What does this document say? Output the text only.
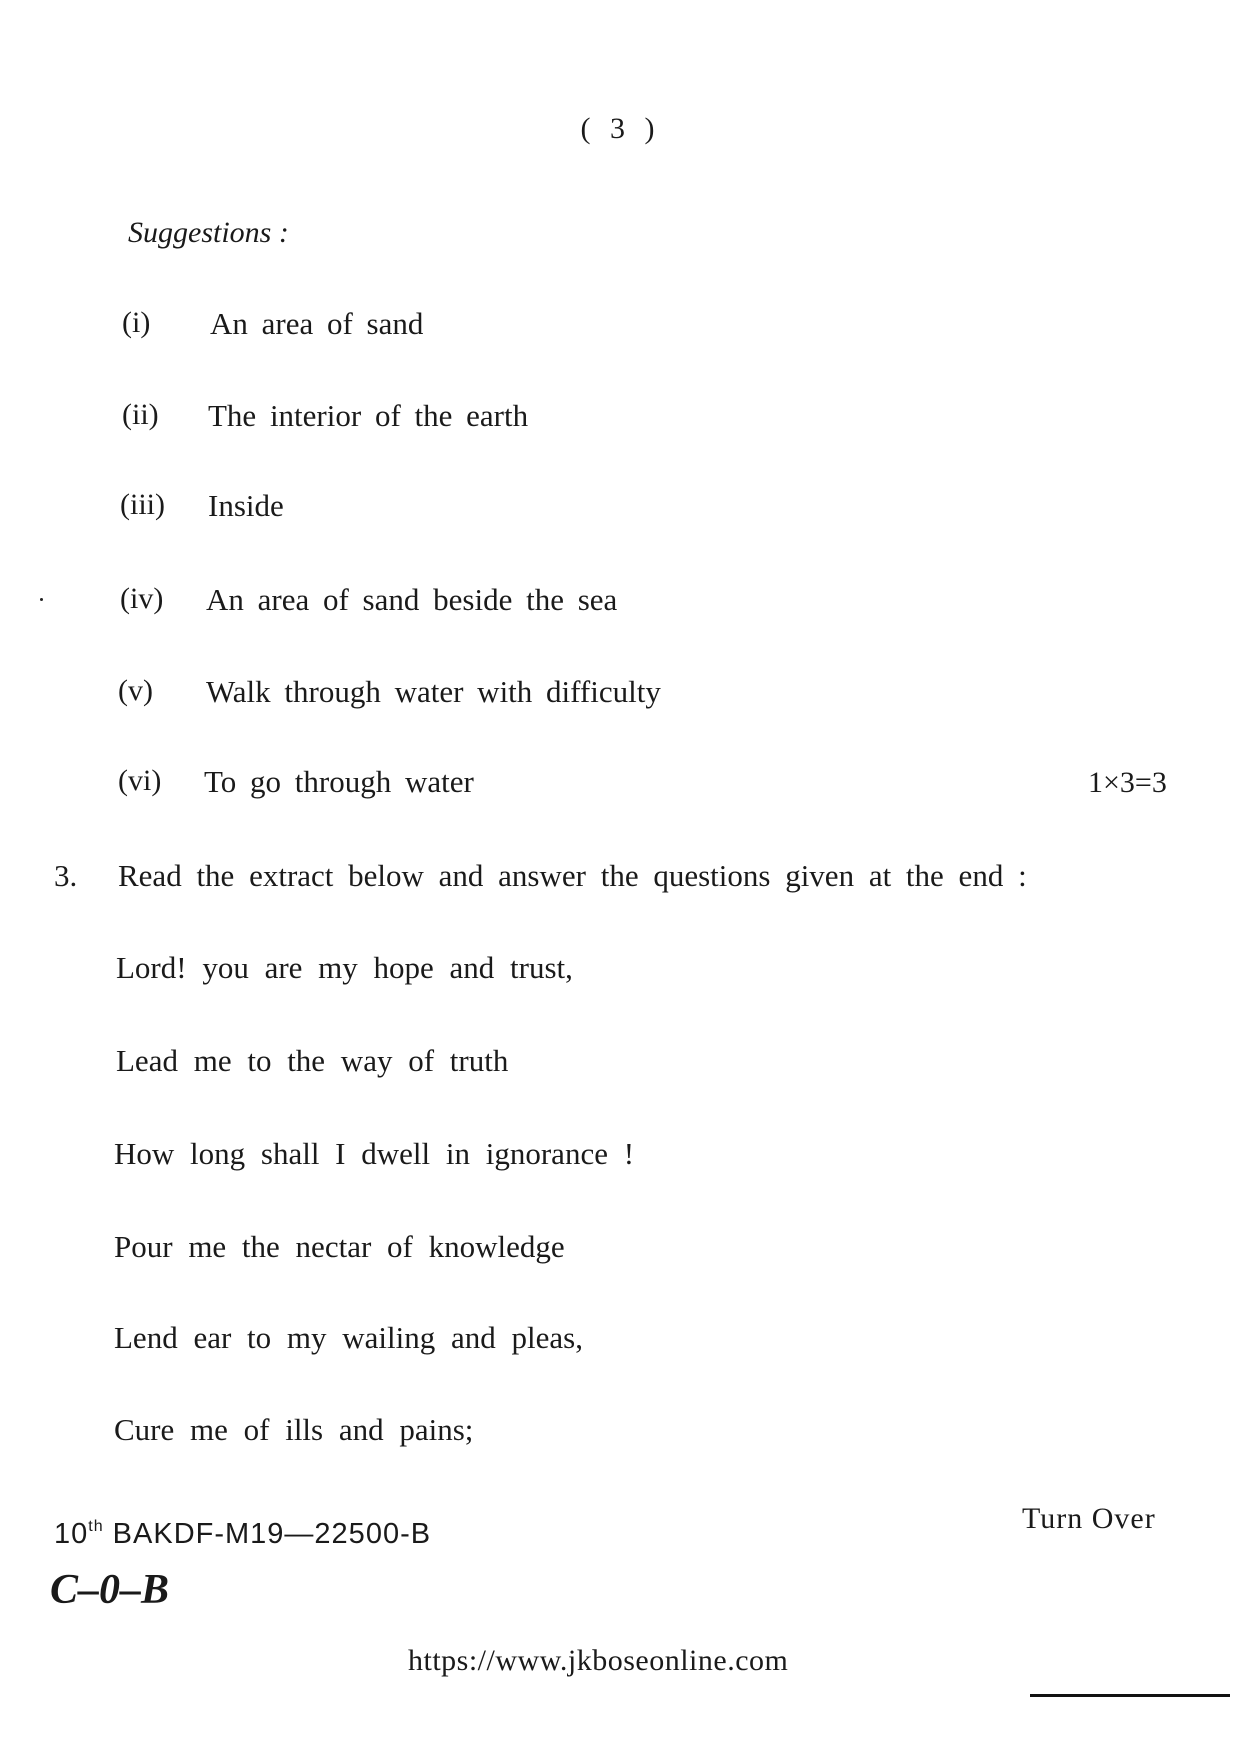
( 3 )
Suggestions :
(i) An area of sand
(ii) The interior of the earth
(iii) Inside
(iv) An area of sand beside the sea
(v) Walk through water with difficulty
(vi) To go through water	1×3=3
3. Read the extract below and answer the questions given at the end :
Lord! you are my hope and trust,
Lead me to the way of truth
How long shall I dwell in ignorance !
Pour me the nectar of knowledge
Lend ear to my wailing and pleas,
Cure me of ills and pains;
10th BAKDF-M19—22500-B
C–0–B
Turn Over
https://www.jkboseonline.com
